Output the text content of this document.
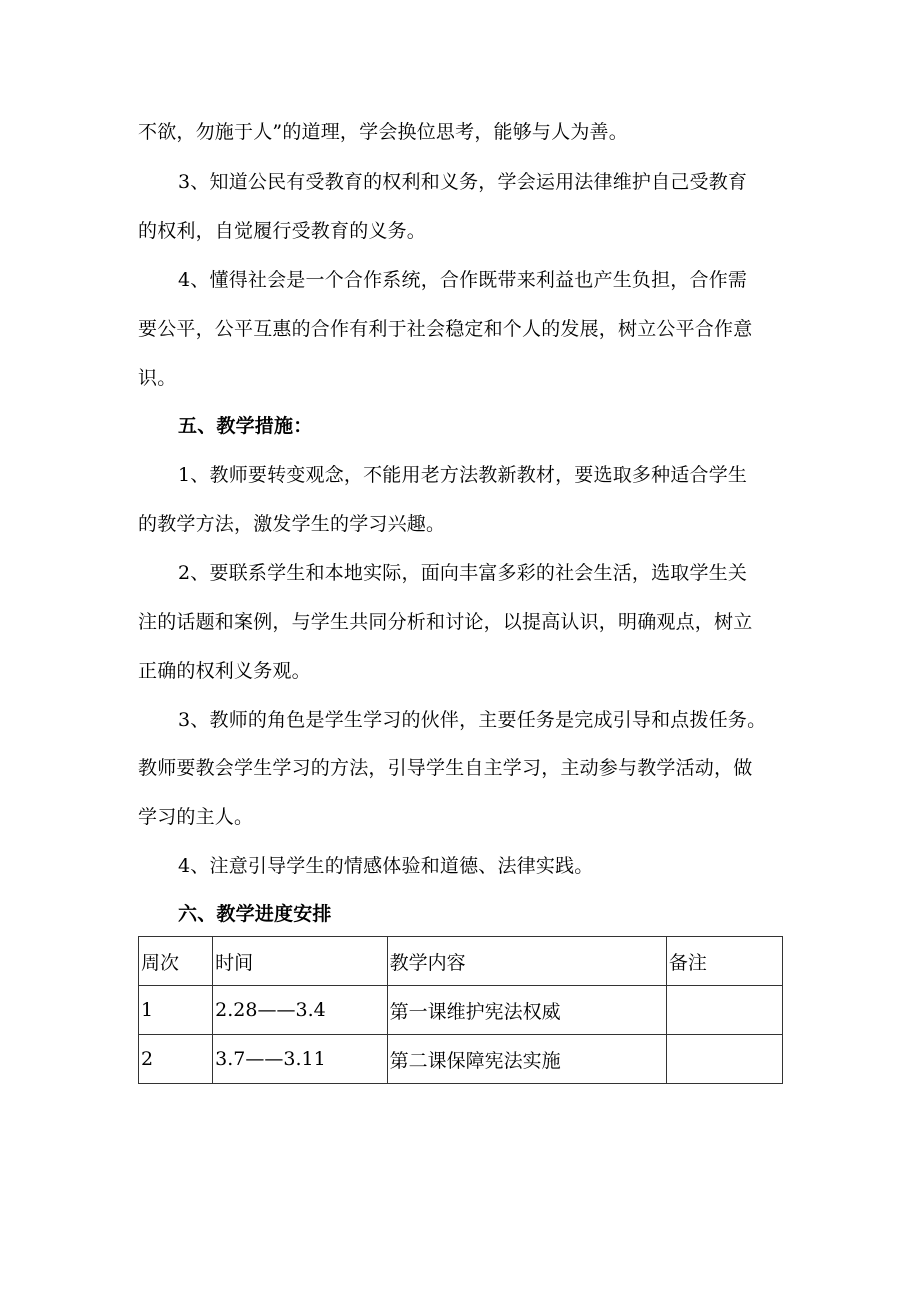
不欲，勿施于人”的道理，学会换位思考，能够与人为善。
3、知道公民有受教育的权利和义务，学会运用法律维护自己受教育
的权利，自觉履行受教育的义务。
4、懂得社会是一个合作系统，合作既带来利益也产生负担，合作需
要公平，公平互惠的合作有利于社会稳定和个人的发展，树立公平合作意
识。
五、教学措施：
1、教师要转变观念，不能用老方法教新教材，要选取多种适合学生
的教学方法，激发学生的学习兴趣。
2、要联系学生和本地实际，面向丰富多彩的社会生活，选取学生关
注的话题和案例，与学生共同分析和讨论，以提高认识，明确观点，树立
正确的权利义务观。
3、教师的角色是学生学习的伙伴，主要任务是完成引导和点拨任务。
教师要教会学生学习的方法，引导学生自主学习，主动参与教学活动，做
学习的主人。
4、注意引导学生的情感体验和道德、法律实践。
六、教学进度安排
周次	时间	教学内容	备注
1	2.28——3.4	第一课维护宪法权威	
2	3.7——3.11	第二课保障宪法实施	
